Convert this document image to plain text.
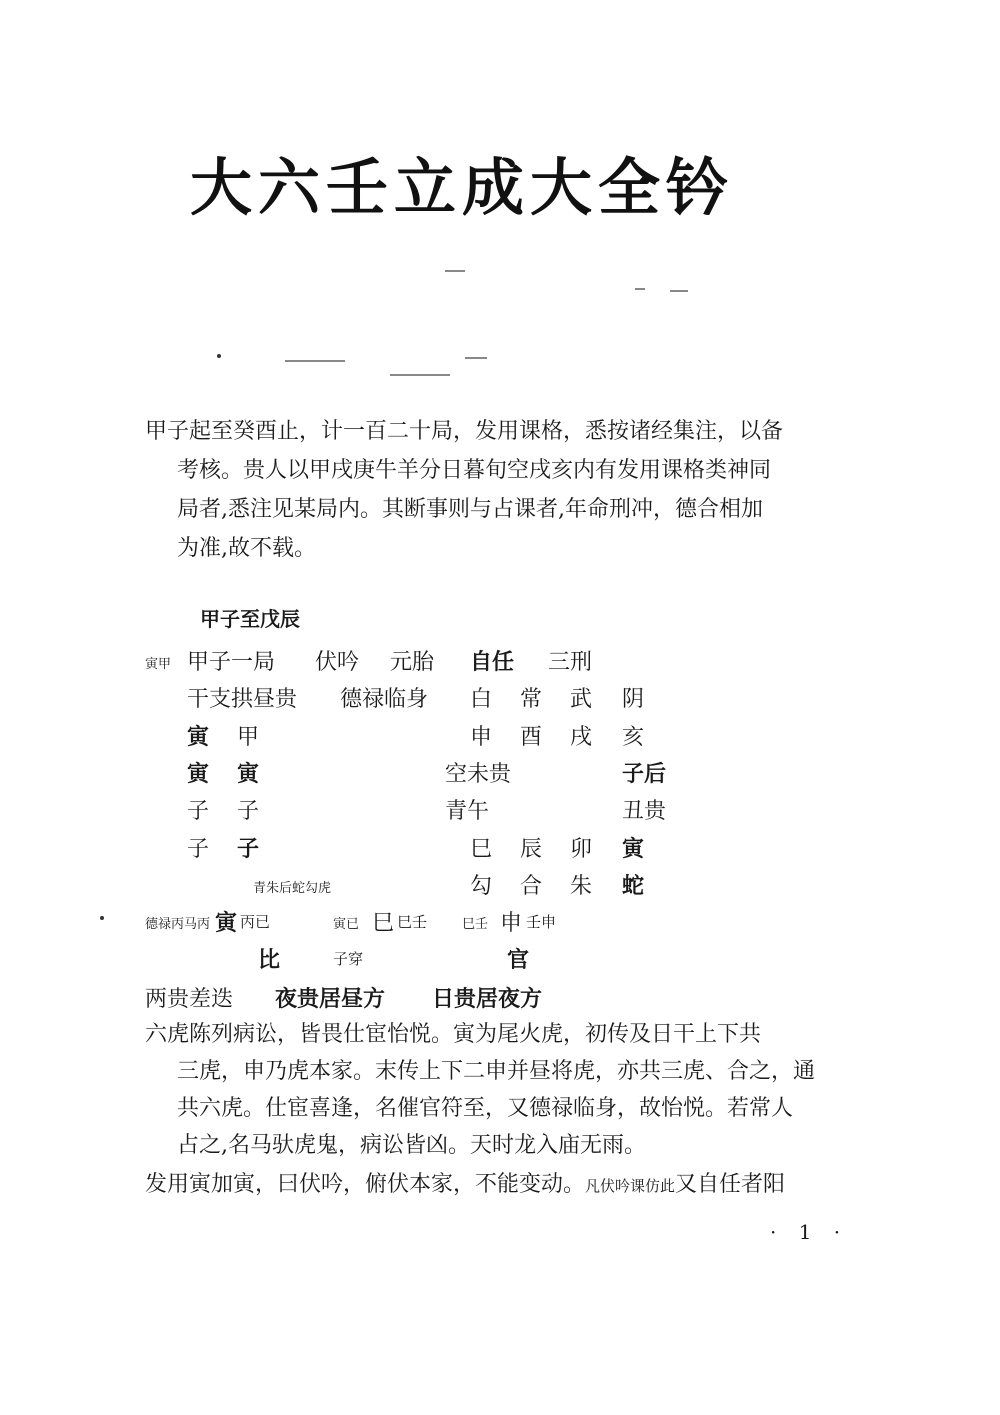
大六壬立成大全钤

甲子起至癸酉止，计一百二十局，发用课格，悉按诸经集注，以备

考核。贵人以甲戌庚牛羊分日暮旬空戌亥内有发用课格类神同

局者,悉注见某局内。其断事则与占课者,年命刑冲，德合相加

为准,故不载。

甲子至戊辰
寅甲 甲子一局 伏吟 元胎 自任 三刑
干支拱昼贵 德禄临身 白 常 武 阴
寅 甲	申 酉 戌 亥
寅 寅	空未贵	子后
子 子	青午	丑贵
子 子	巳 辰 卯 寅
青朱后蛇勾虎	勾 合 朱 蛇
德禄丙马丙 寅 丙已	寅已 巳 巳壬	巳壬 申 壬申
比	子穿	官
两贵差迭 夜贵居昼方 日贵居夜方

六虎陈列病讼，皆畏仕宦怡悦。寅为尾火虎，初传及日干上下共

三虎，申乃虎本家。末传上下二申并昼将虎，亦共三虎、合之，通

共六虎。仕宦喜逢，名催官符至，又德禄临身，故怡悦。若常人

占之,名马驮虎鬼，病讼皆凶。天时龙入庙无雨。

发用寅加寅，曰伏吟，俯伏本家，不能变动。凡伏吟课仿此又自任者阳
· 1 ·
